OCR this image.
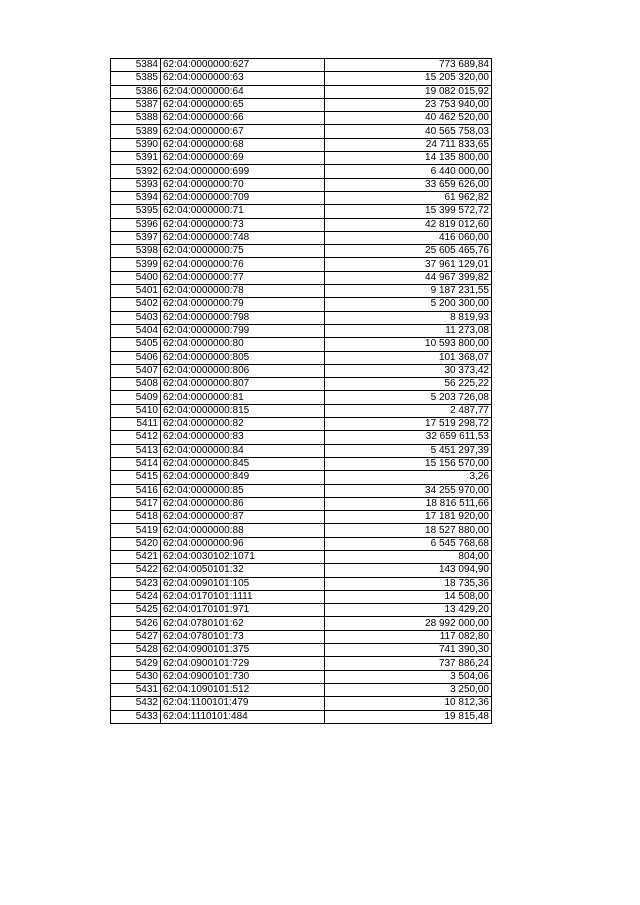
5384	62:04:0000000:627	773 689,84
5385	62:04:0000000:63	15 205 320,00
5386	62:04:0000000:64	19 082 015,92
5387	62:04:0000000:65	23 753 940,00
5388	62:04:0000000:66	40 462 520,00
5389	62:04:0000000:67	40 565 758,03
5390	62:04:0000000:68	24 711 833,65
5391	62:04:0000000:69	14 135 800,00
5392	62:04:0000000:699	6 440 000,00
5393	62:04:0000000:70	33 659 626,00
5394	62:04:0000000:709	61 962,82
5395	62:04:0000000:71	15 399 572,72
5396	62:04:0000000:73	42 819 012,60
5397	62:04:0000000:748	416 060,00
5398	62:04:0000000:75	25 605 465,76
5399	62:04:0000000:76	37 961 129,01
5400	62:04:0000000:77	44 967 399,82
5401	62:04:0000000:78	9 187 231,55
5402	62:04:0000000:79	5 200 300,00
5403	62:04:0000000:798	8 819,93
5404	62:04:0000000:799	11 273,08
5405	62:04:0000000:80	10 593 800,00
5406	62:04:0000000:805	101 368,07
5407	62:04:0000000:806	30 373,42
5408	62:04:0000000:807	56 225,22
5409	62:04:0000000:81	5 203 726,08
5410	62:04:0000000:815	2 487,77
5411	62:04:0000000:82	17 519 298,72
5412	62:04:0000000:83	32 659 611,53
5413	62:04:0000000:84	5 451 297,39
5414	62:04:0000000:845	15 156 570,00
5415	62:04:0000000:849	3,26
5416	62:04:0000000:85	34 255 970,00
5417	62:04:0000000:86	18 816 511,66
5418	62:04:0000000:87	17 181 920,00
5419	62:04:0000000:88	18 527 880,00
5420	62:04:0000000:96	6 545 768,68
5421	62:04:0030102:1071	804,00
5422	62:04:0050101:32	143 094,90
5423	62:04:0090101:105	18 735,36
5424	62:04:0170101:1111	14 508,00
5425	62:04:0170101:971	13 429,20
5426	62:04:0780101:62	28 992 000,00
5427	62:04:0780101:73	117 082,80
5428	62:04:0900101:375	741 390,30
5429	62:04:0900101:729	737 886,24
5430	62:04:0900101:730	3 504,06
5431	62:04:1090101:512	3 250,00
5432	62:04:1100101:479	10 812,36
5433	62:04:1110101:484	19 815,48
